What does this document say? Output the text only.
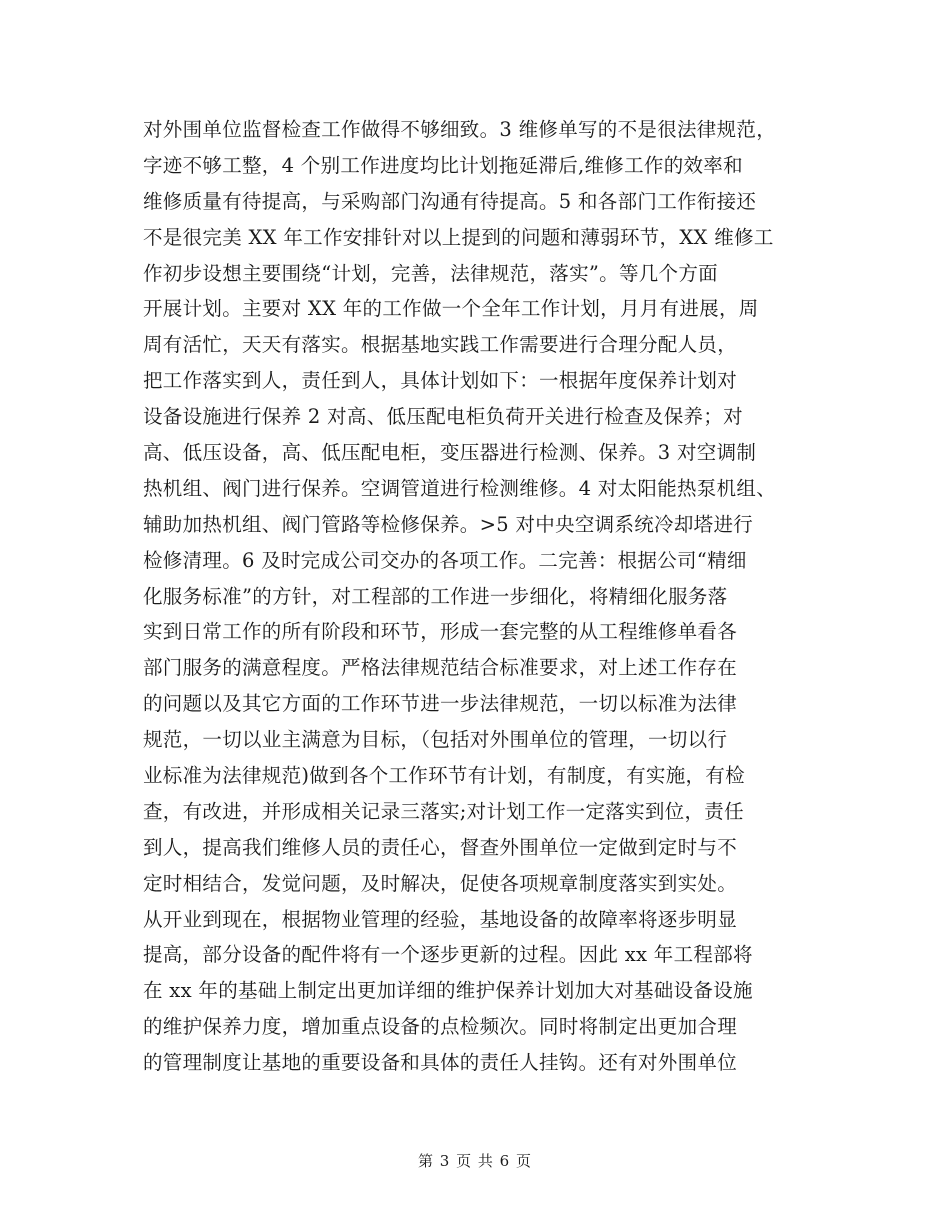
对外围单位监督检查工作做得不够细致。3 维修单写的不是很法律规范，
字迹不够工整，4 个别工作进度均比计划拖延滞后,维修工作的效率和
维修质量有待提高，与采购部门沟通有待提高。5 和各部门工作衔接还
不是很完美 XX 年工作安排针对以上提到的问题和薄弱环节，XX 维修工
作初步设想主要围绕“计划，完善，法律规范，落实”。等几个方面
开展计划。主要对 XX 年的工作做一个全年工作计划，月月有进展，周
周有活忙，天天有落实。根据基地实践工作需要进行合理分配人员，
把工作落实到人，责任到人，具体计划如下：一根据年度保养计划对
设备设施进行保养 2 对高、低压配电柜负荷开关进行检查及保养；对
高、低压设备，高、低压配电柜，变压器进行检测、保养。3 对空调制
热机组、阀门进行保养。空调管道进行检测维修。4 对太阳能热泵机组、
辅助加热机组、阀门管路等检修保养。>5 对中央空调系统冷却塔进行
检修清理。6 及时完成公司交办的各项工作。二完善：根据公司“精细
化服务标准”的方针，对工程部的工作进一步细化，将精细化服务落
实到日常工作的所有阶段和环节，形成一套完整的从工程维修单看各
部门服务的满意程度。严格法律规范结合标准要求，对上述工作存在
的问题以及其它方面的工作环节进一步法律规范，一切以标准为法律
规范，一切以业主满意为目标，（包括对外围单位的管理，一切以行
业标准为法律规范)做到各个工作环节有计划，有制度，有实施，有检
查，有改进，并形成相关记录三落实;对计划工作一定落实到位，责任
到人，提高我们维修人员的责任心，督查外围单位一定做到定时与不
定时相结合，发觉问题，及时解决，促使各项规章制度落实到实处。
从开业到现在，根据物业管理的经验，基地设备的故障率将逐步明显
提高，部分设备的配件将有一个逐步更新的过程。因此 xx 年工程部将
在 xx 年的基础上制定出更加详细的维护保养计划加大对基础设备设施
的维护保养力度，增加重点设备的点检频次。同时将制定出更加合理
的管理制度让基地的重要设备和具体的责任人挂钩。还有对外围单位
第 3 页 共 6 页
